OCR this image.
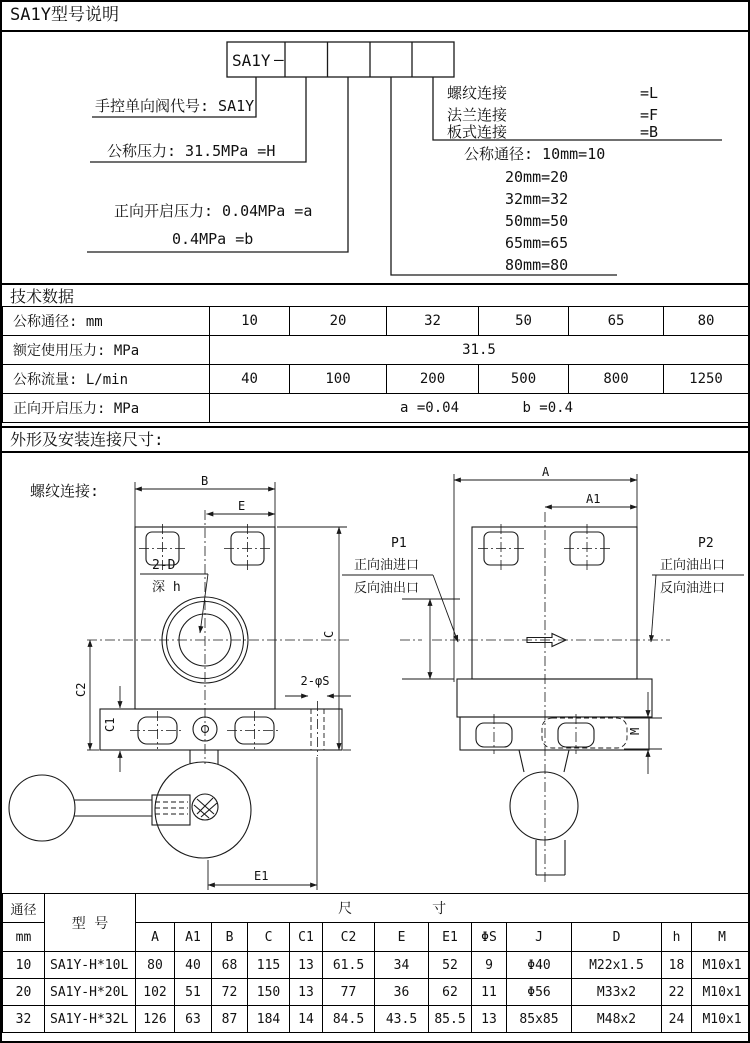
SA1Y型号说明
SA1Y —
手控单向阀代号: SA1Y
公称压力: 31.5MPa =H
正向开启压力: 0.04MPa =a
0.4MPa =b
螺纹连接	=L
法兰连接	=F
板式连接	=B
公称通径: 10mm=10
20mm=20
32mm=32
50mm=50
65mm=65
80mm=80
技术数据
公称通径: mm	10	20	32	50	65	80
额定使用压力: MPa	31.5					
公称流量: L/min	40	100	200	500	800	1250
正向开启压力: MPa	a =0.04 b =0.4					
外形及安装连接尺寸:
螺纹连接:
B
E
C
C2
C1
E1
2-D
深 h
2-φS
A
A1
M
P1
正向油进口
反向油出口
P2
正向油出口
反向油进口
通径	型 号	尺 寸												

mm		A	A1	B	C	C1	C2	E	E1	ΦS	J	D	h	M
10	SA1Y-H*10L	80	40	68	115	13	61.5	34	52	9	Φ40	M22x1.5	18	M10x1
20	SA1Y-H*20L	102	51	72	150	13	77	36	62	11	Φ56	M33x2	22	M10x1
32	SA1Y-H*32L	126	63	87	184	14	84.5	43.5	85.5	13	85x85	M48x2	24	M10x1
